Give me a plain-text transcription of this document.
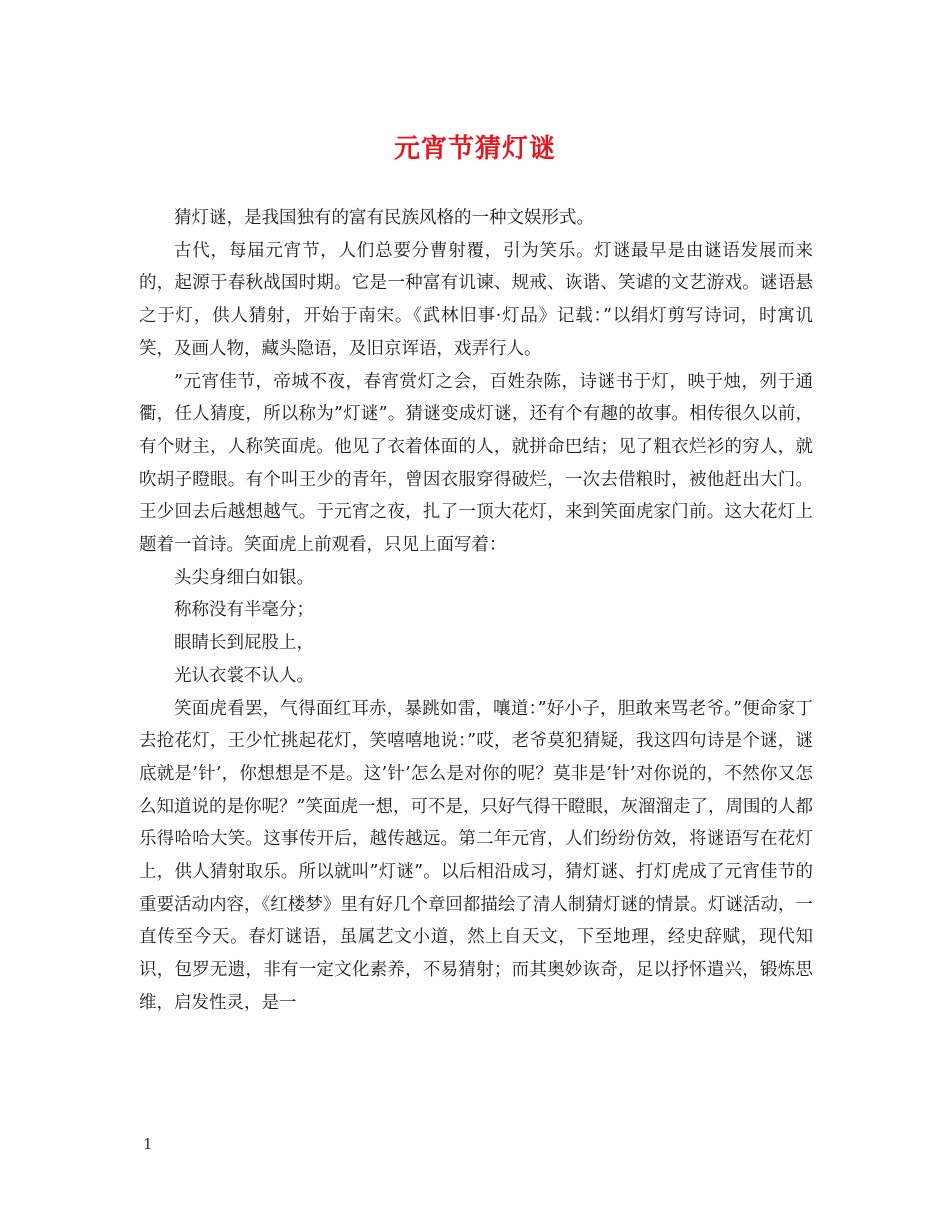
元宵节猜灯谜

猜灯谜，是我国独有的富有民族风格的一种文娱形式。

古代，每届元宵节，人们总要分曹射覆，引为笑乐。灯谜最早是由谜语发展而来的，起源于春秋战国时期。它是一种富有讥谏、规戒、诙谐、笑谑的文艺游戏。谜语悬之于灯，供人猜射，开始于南宋。《武林旧事·灯品》记载：”以绢灯剪写诗词，时寓讥笑，及画人物，藏头隐语，及旧京诨语，戏弄行人。

”元宵佳节，帝城不夜，春宵赏灯之会，百姓杂陈，诗谜书于灯，映于烛，列于通衢，任人猜度，所以称为”灯谜”。猜谜变成灯谜，还有个有趣的故事。相传很久以前，有个财主，人称笑面虎。他见了衣着体面的人，就拼命巴结；见了粗衣烂衫的穷人，就吹胡子瞪眼。有个叫王少的青年，曾因衣服穿得破烂，一次去借粮时，被他赶出大门。王少回去后越想越气。于元宵之夜，扎了一顶大花灯，来到笑面虎家门前。这大花灯上题着一首诗。笑面虎上前观看，只见上面写着：

头尖身细白如银。

称称没有半毫分；

眼睛长到屁股上，

光认衣裳不认人。

笑面虎看罢，气得面红耳赤，暴跳如雷，嚷道：”好小子，胆敢来骂老爷。”便命家丁去抢花灯，王少忙挑起花灯，笑嘻嘻地说：”哎，老爷莫犯猜疑，我这四句诗是个谜，谜底就是’针’，你想想是不是。这’针’怎么是对你的呢？莫非是’针’对你说的，不然你又怎么知道说的是你呢？”笑面虎一想，可不是，只好气得干瞪眼，灰溜溜走了，周围的人都乐得哈哈大笑。这事传开后，越传越远。第二年元宵，人们纷纷仿效，将谜语写在花灯上，供人猜射取乐。所以就叫”灯谜”。以后相沿成习，猜灯谜、打灯虎成了元宵佳节的重要活动内容，《红楼梦》里有好几个章回都描绘了清人制猜灯谜的情景。灯谜活动，一直传至今天。春灯谜语，虽属艺文小道，然上自天文，下至地理，经史辞赋，现代知识，包罗无遗，非有一定文化素养，不易猜射；而其奥妙诙奇，足以抒怀遣兴，锻炼思维，启发性灵，是一

1
